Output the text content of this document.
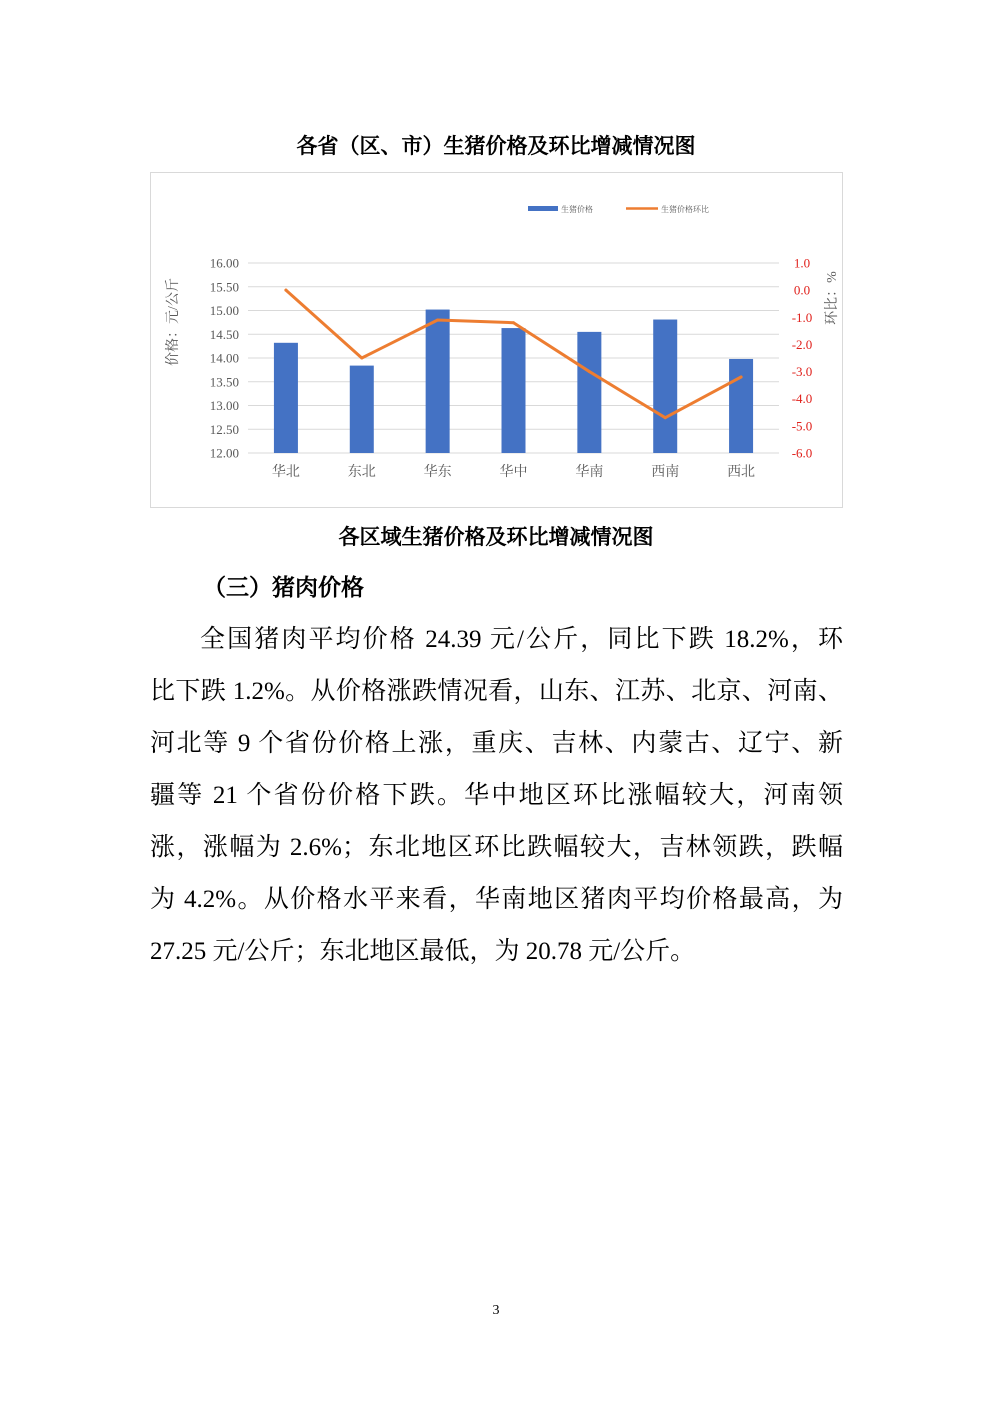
各省（区、市）生猪价格及环比增减情况图
16.00
15.50
15.00
14.50
14.00
13.50
13.00
12.50
12.00
1.0
0.0
-1.0
-2.0
-3.0
-4.0
-5.0
-6.0
价格：元/公斤	环比：%
华北	东北	华东	华中	华南	西南	西北
生猪价格	生猪价格环比
各区域生猪价格及环比增减情况图
（三）猪肉价格
全国猪肉平均价格 24.39 元/公斤，同比下跌 18.2%，环
比下跌 1.2%。从价格涨跌情况看，山东、江苏、北京、河南、
河北等 9 个省份价格上涨，重庆、吉林、内蒙古、辽宁、新
疆等 21 个省份价格下跌。华中地区环比涨幅较大，河南领
涨，涨幅为 2.6%；东北地区环比跌幅较大，吉林领跌，跌幅
为 4.2%。从价格水平来看，华南地区猪肉平均价格最高，为
27.25 元/公斤；东北地区最低，为 20.78 元/公斤。
3
